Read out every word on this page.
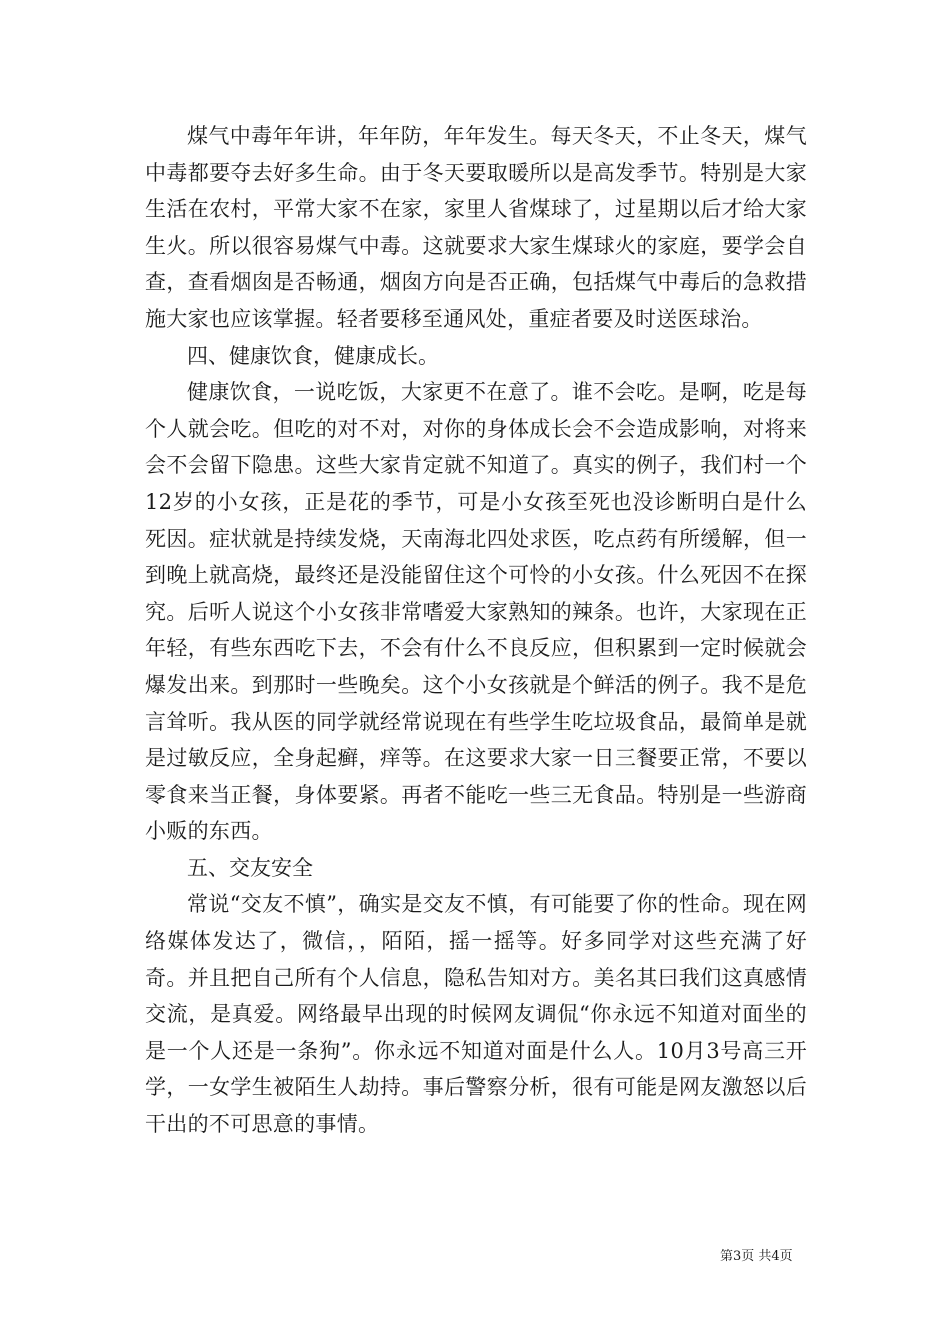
煤气中毒年年讲，年年防，年年发生。每天冬天，不止冬天，煤气中毒都要夺去好多生命。由于冬天要取暖所以是高发季节。特别是大家生活在农村，平常大家不在家，家里人省煤球了，过星期以后才给大家生火。所以很容易煤气中毒。这就要求大家生煤球火的家庭，要学会自查，查看烟囱是否畅通，烟囱方向是否正确，包括煤气中毒后的急救措施大家也应该掌握。轻者要移至通风处，重症者要及时送医球治。

四、健康饮食，健康成长。

健康饮食，一说吃饭，大家更不在意了。谁不会吃。是啊，吃是每个人就会吃。但吃的对不对，对你的身体成长会不会造成影响，对将来会不会留下隐患。这些大家肯定就不知道了。真实的例子，我们村一个12岁的小女孩，正是花的季节，可是小女孩至死也没诊断明白是什么死因。症状就是持续发烧，天南海北四处求医，吃点药有所缓解，但一到晚上就高烧，最终还是没能留住这个可怜的小女孩。什么死因不在探究。后听人说这个小女孩非常嗜爱大家熟知的辣条。也许，大家现在正年轻，有些东西吃下去，不会有什么不良反应，但积累到一定时候就会爆发出来。到那时一些晚矣。这个小女孩就是个鲜活的例子。我不是危言耸听。我从医的同学就经常说现在有些学生吃垃圾食品，最简单是就是过敏反应，全身起癣，痒等。在这要求大家一日三餐要正常，不要以零食来当正餐，身体要紧。再者不能吃一些三无食品。特别是一些游商小贩的东西。

五、交友安全

常说“交友不慎”，确实是交友不慎，有可能要了你的性命。现在网络媒体发达了，微信，，陌陌，摇一摇等。好多同学对这些充满了好奇。并且把自己所有个人信息，隐私告知对方。美名其曰我们这真感情交流，是真爱。网络最早出现的时候网友调侃“你永远不知道对面坐的是一个人还是一条狗”。你永远不知道对面是什么人。10月3号高三开学，一女学生被陌生人劫持。事后警察分析，很有可能是网友激怒以后干出的不可思意的事情。

第3页 共4页
